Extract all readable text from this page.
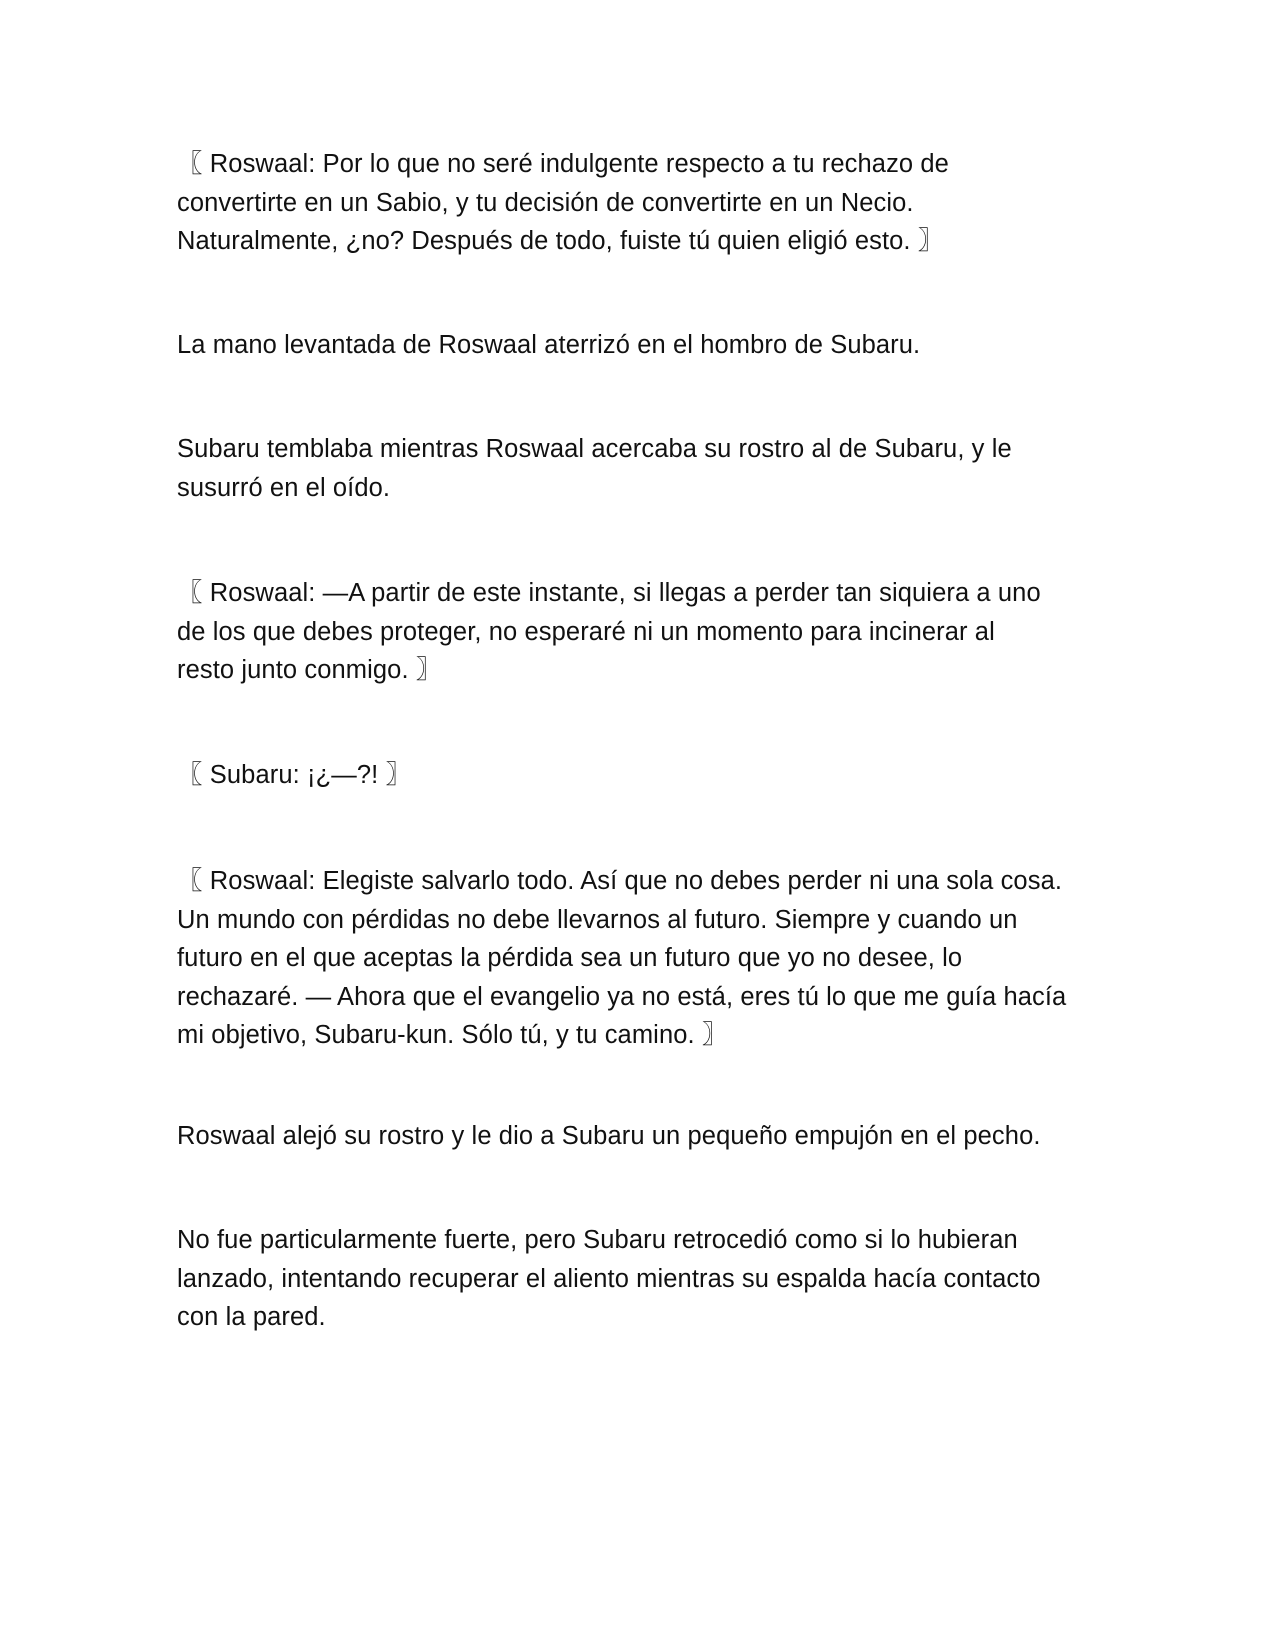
〖 Roswaal: Por lo que no seré indulgente respecto a tu rechazo de
convertirte en un Sabio, y tu decisión de convertirte en un Necio.
Naturalmente, ¿no? Después de todo, fuiste tú quien eligió esto. 〗

La mano levantada de Roswaal aterrizó en el hombro de Subaru.

Subaru temblaba mientras Roswaal acercaba su rostro al de Subaru, y le
susurró en el oído.

〖 Roswaal: —A partir de este instante, si llegas a perder tan siquiera a uno
de los que debes proteger, no esperaré ni un momento para incinerar al
resto junto conmigo. 〗

〖 Subaru: ¡¿—?! 〗

〖 Roswaal: Elegiste salvarlo todo. Así que no debes perder ni una sola cosa.
Un mundo con pérdidas no debe llevarnos al futuro. Siempre y cuando un
futuro en el que aceptas la pérdida sea un futuro que yo no desee, lo
rechazaré. — Ahora que el evangelio ya no está, eres tú lo que me guía hacía
mi objetivo, Subaru-kun. Sólo tú, y tu camino. 〗

Roswaal alejó su rostro y le dio a Subaru un pequeño empujón en el pecho.

No fue particularmente fuerte, pero Subaru retrocedió como si lo hubieran
lanzado, intentando recuperar el aliento mientras su espalda hacía contacto
con la pared.
